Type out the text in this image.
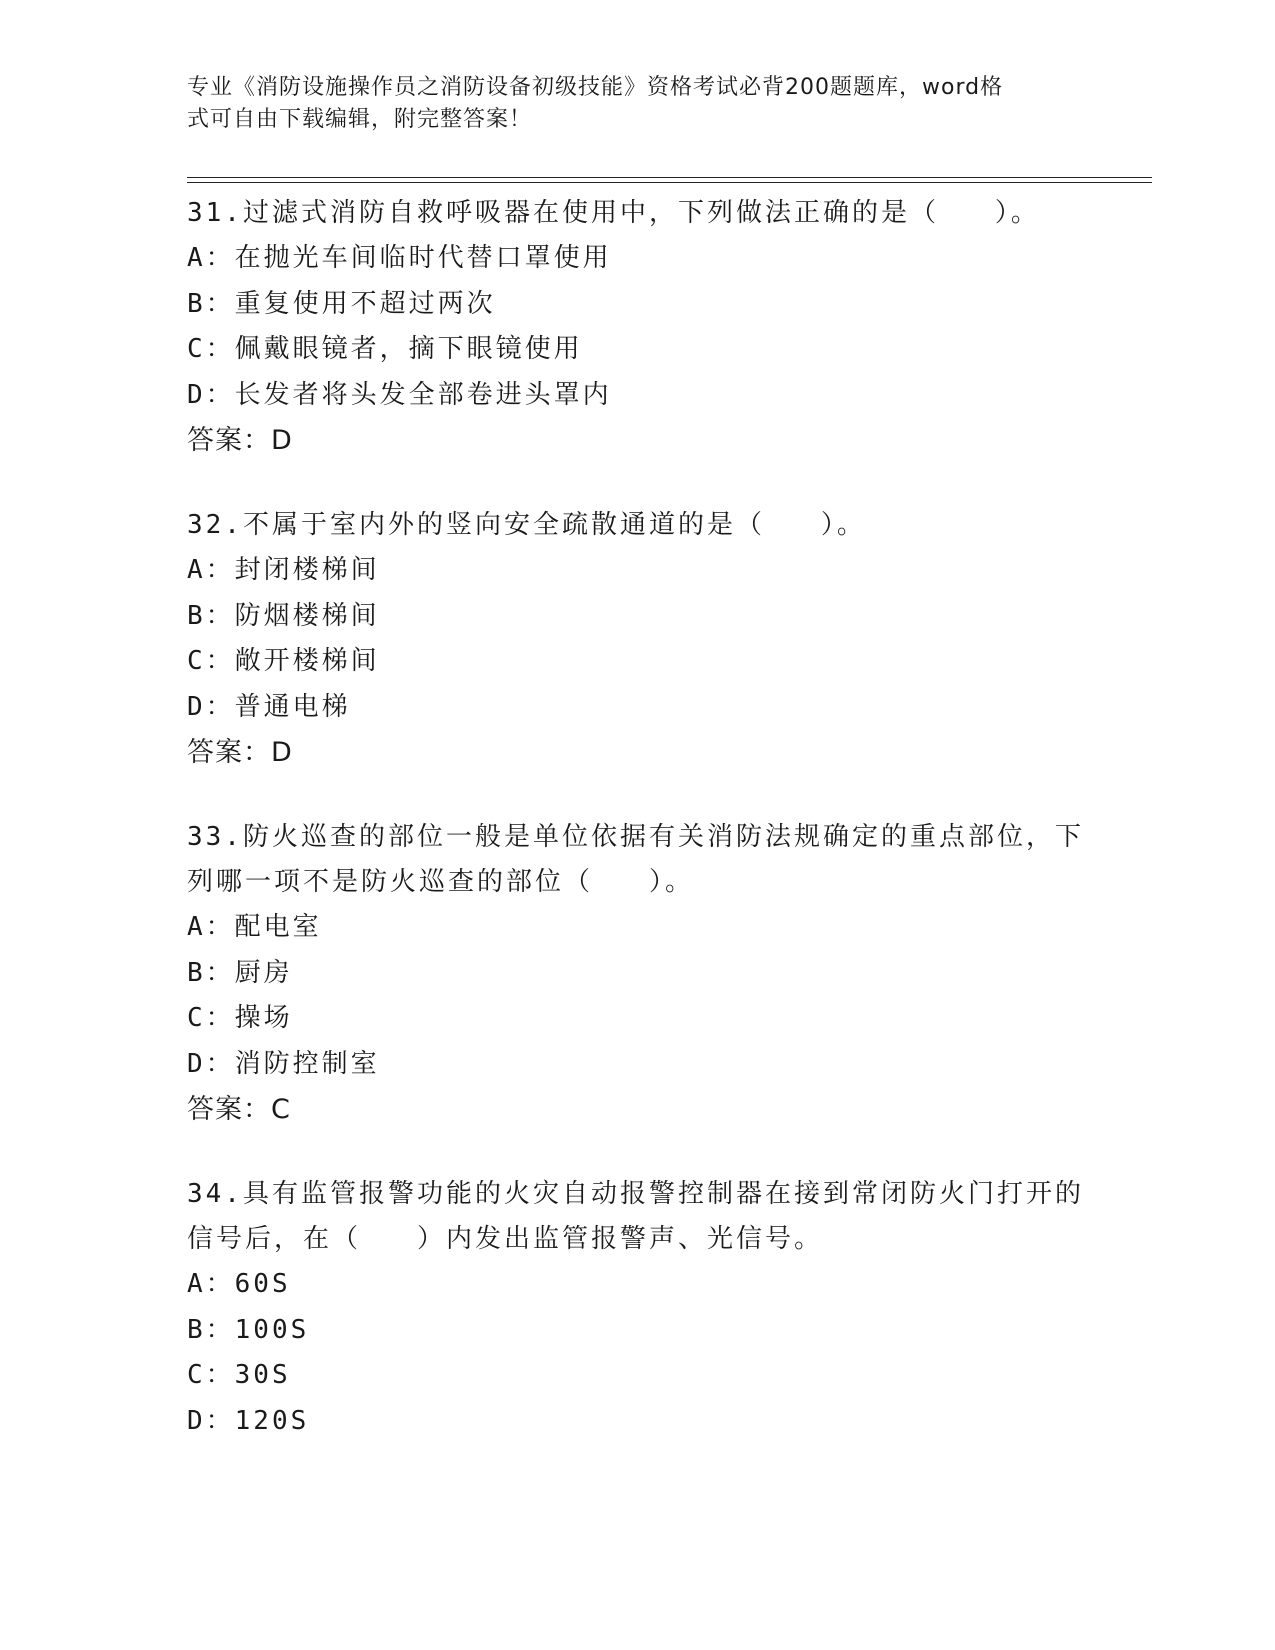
专业《消防设施操作员之消防设备初级技能》资格考试必背200题题库，word格
式可自由下载编辑，附完整答案！
31.过滤式消防自救呼吸器在使用中，下列做法正确的是（   ）。
A：在抛光车间临时代替口罩使用
B：重复使用不超过两次
C：佩戴眼镜者，摘下眼镜使用
D：长发者将头发全部卷进头罩内
答案：D
32.不属于室内外的竖向安全疏散通道的是（   ）。
A：封闭楼梯间
B：防烟楼梯间
C：敞开楼梯间
D：普通电梯
答案：D
33.防火巡查的部位一般是单位依据有关消防法规确定的重点部位，下
列哪一项不是防火巡查的部位（   ）。
A：配电室
B：厨房
C：操场
D：消防控制室
答案：C
34.具有监管报警功能的火灾自动报警控制器在接到常闭防火门打开的
信号后，在（   ）内发出监管报警声、光信号。
A：60S
B：100S
C：30S
D：120S
